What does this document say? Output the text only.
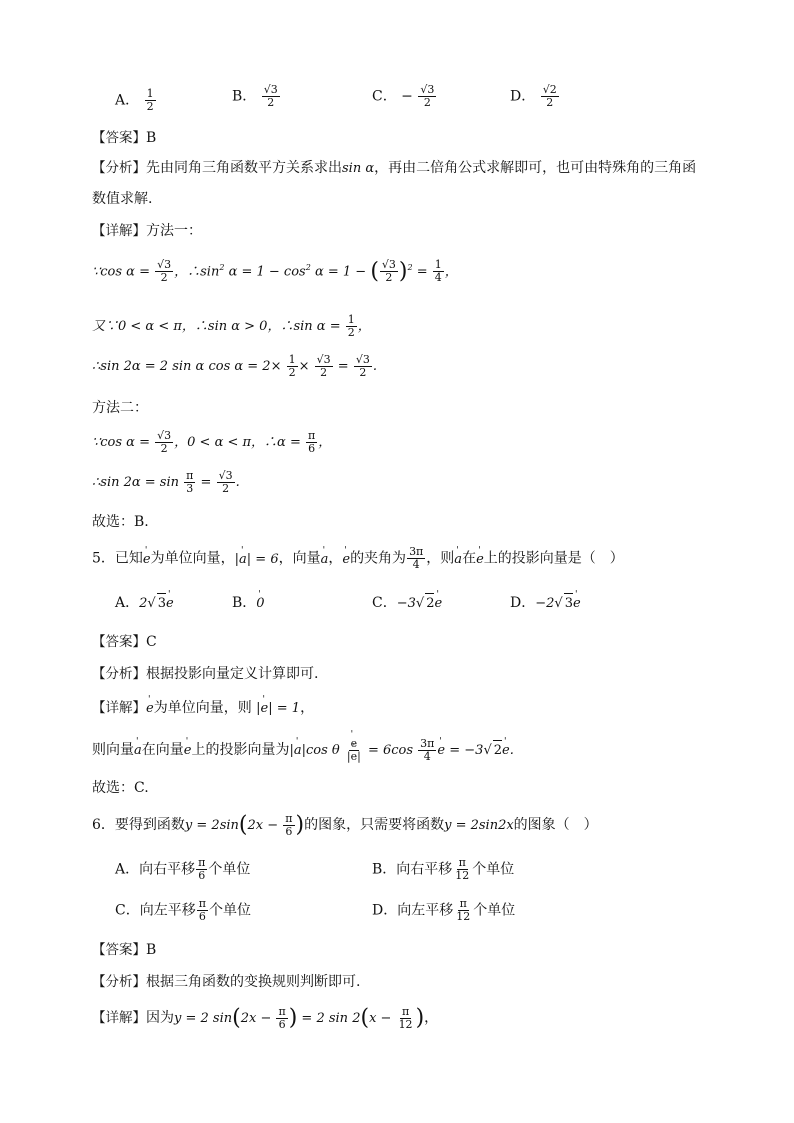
A． $\frac{1}{2}$	B． $\frac{√3}{2}$	C． − $\frac{√3}{2}$	D． $\frac{√2}{2}$
【答案】B
【分析】先由同角三角函数平方关系求出sin α，再由二倍角公式求解即可，也可由特殊角的三角函
数值求解.
【详解】方法一：
∵cos $\alpha = \frac{√3}{2}$ ，$\therefore\sin^2$ $\alpha = 1 - \cos^2 \alpha = 1$ − ( $\frac{√3}{2} )^2 = \frac{1}{4}$ ，
又∵0 < α < π，∴sin α > 0，∴sin $\alpha = \frac{1}{2}$ ，
∴sin 2α = 2 sin α $\cos \alpha = 2\times \frac{1}{2} \times \frac{√3}{2} = \frac{√3}{2}$ .
方法二：
∵cos $\alpha = \frac{√3}{2}$ ，0 < α < π，∴α = $\frac{\pi}{6}$ ，
∴sin $2\alpha = \sin \frac{\pi}{3} = \frac{√3}{2}$ .
故选：B.
5．已知' e为单位向量，|' a| = 6，向量' a，' e的夹角为 $\frac{3\pi}{4}$ ，则' a在' e上的投影向量是（　）
A．2√ 3' e	B．' 0	C．−3√ 2' e	D．−2√ 3' e
【答案】C
【分析】根据投影向量定义计算即可.
【详解】' e为单位向量，则 |' e| = 1，
则向量' a在向量' e上的投影向量为|' a|cos θ ' $\frac{e}{|' e|} = 6\cos \frac{3\pi}{4}$ ' e = −3√ 2' e.
故选：C.
6．要得到函数$y = 2\sin(2x - \frac{\pi}{6}$ )的图象，只需要将函数y = 2sin2x的图象（　）
A．向右平移 $\frac{\pi}{6}$ 个单位	B．向右平移 $\frac{\pi}{12}$ 个单位
C．向左平移 $\frac{\pi}{6}$ 个单位	D．向左平移 $\frac{\pi}{12}$ 个单位
【答案】B
【分析】根据三角函数的变换规则判断即可.
【详解】因为y = 2 $\sin(2x - \frac{\pi}{6}$ ) = 2 $\sin 2(x - \frac{\pi}{12}$ )，
